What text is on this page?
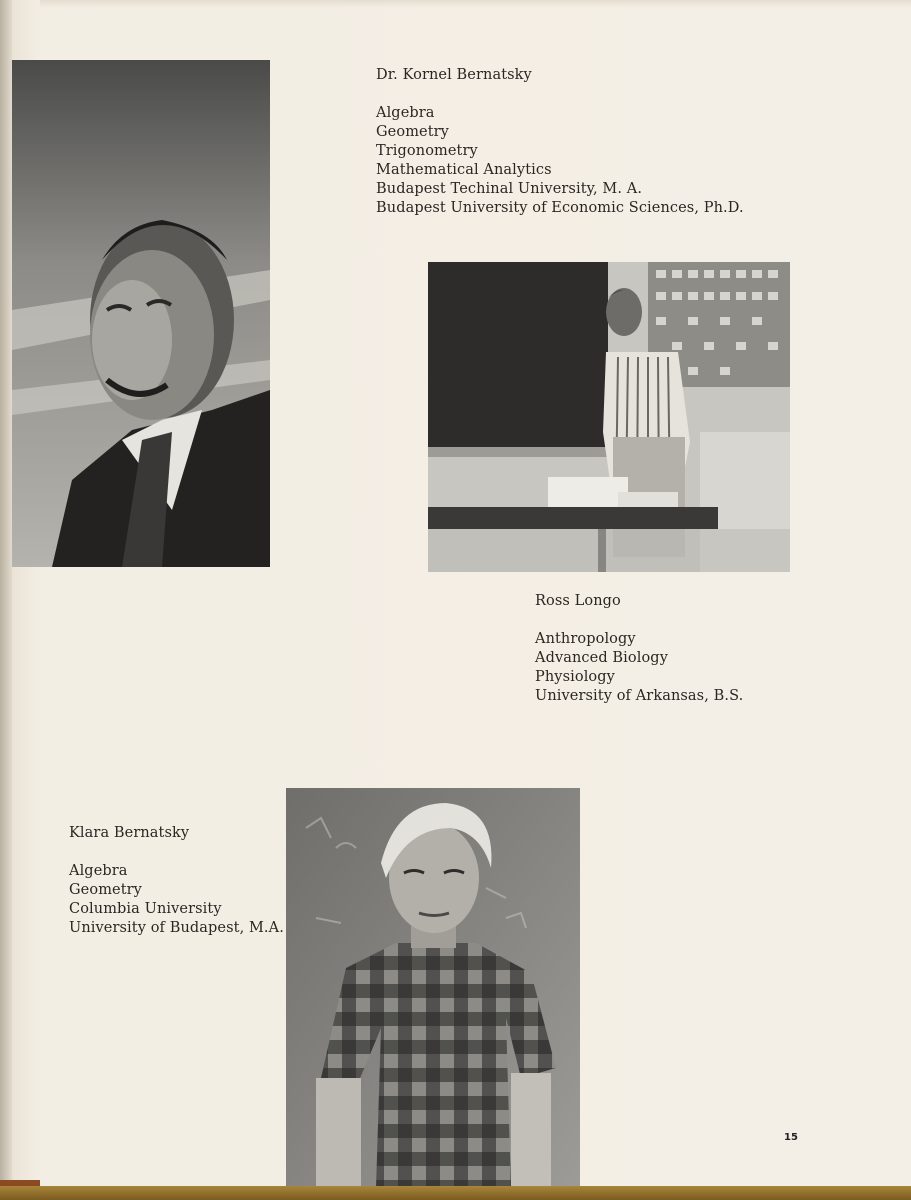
Dr. Kornel Bernatsky
Algebra
Geometry
Trigonometry
Mathematical Analytics
Budapest Techinal University, M. A.
Budapest University of Economic Sciences, Ph.D.
Ross Longo
Anthropology
Advanced Biology
Physiology
University of Arkansas, B.S.
Klara Bernatsky
Algebra
Geometry
Columbia University
University of Budapest, M.A.
15
